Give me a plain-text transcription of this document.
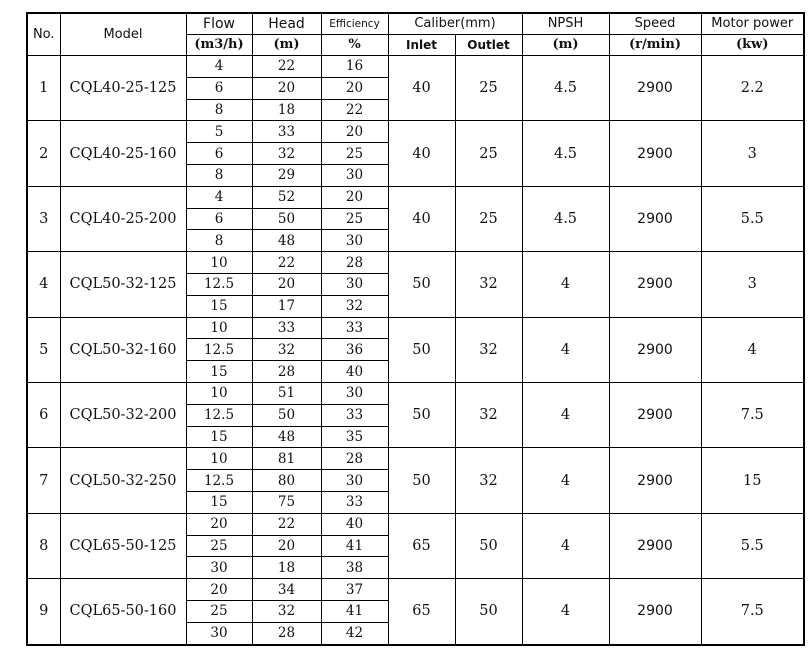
No.	Model	Flow	Head	Efficiency	Caliber(mm)		NPSH	Speed	Motor power
		(m3/h)	(m)	%	Inlet	Outlet	(m)	(r/min)	(kw)
1	CQL40-25-125	4	22	16	40	25	4.5	2900	2.2
		6	20	20					
		8	18	22					
2	CQL40-25-160	5	33	20	40	25	4.5	2900	3
		6	32	25					
		8	29	30					
3	CQL40-25-200	4	52	20	40	25	4.5	2900	5.5
		6	50	25					
		8	48	30					
4	CQL50-32-125	10	22	28	50	32	4	2900	3
		12.5	20	30					
		15	17	32					
5	CQL50-32-160	10	33	33	50	32	4	2900	4
		12.5	32	36					
		15	28	40					
6	CQL50-32-200	10	51	30	50	32	4	2900	7.5
		12.5	50	33					
		15	48	35					
7	CQL50-32-250	10	81	28	50	32	4	2900	15
		12.5	80	30					
		15	75	33					
8	CQL65-50-125	20	22	40	65	50	4	2900	5.5
		25	20	41					
		30	18	38					
9	CQL65-50-160	20	34	37	65	50	4	2900	7.5
		25	32	41					
		30	28	42					
